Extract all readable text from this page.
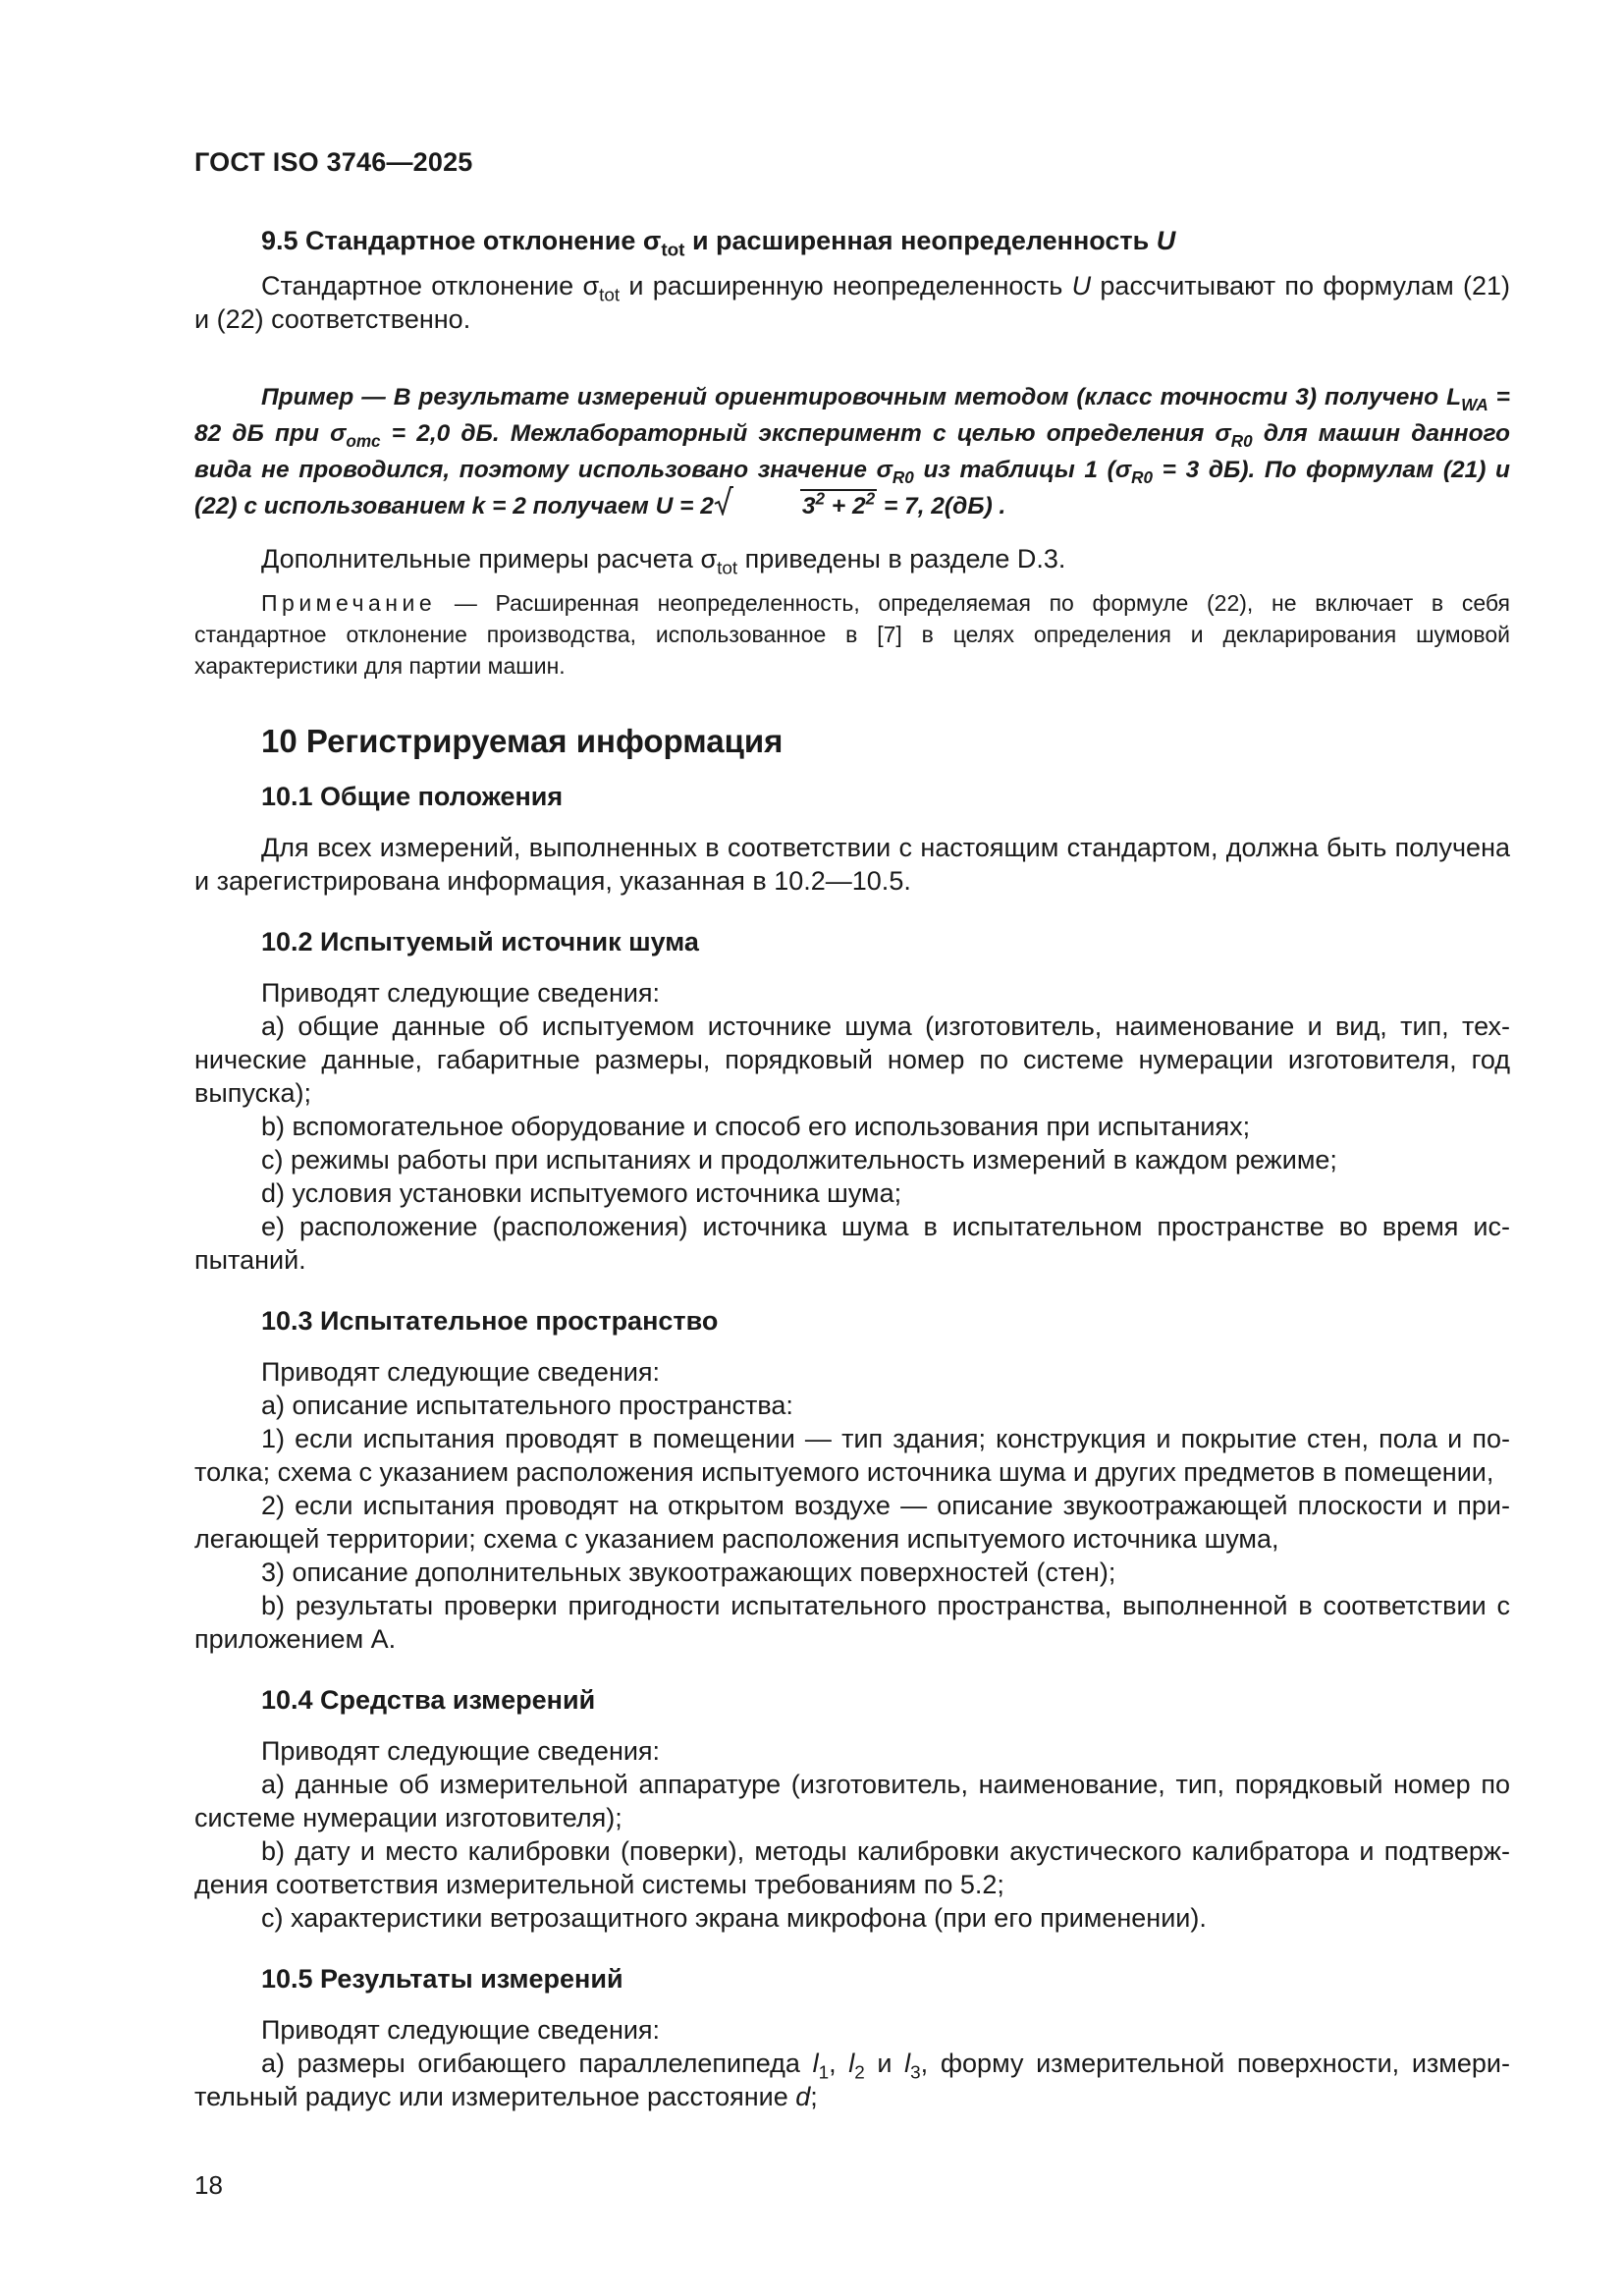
ГОСТ ISO 3746—2025

9.5 Стандартное отклонение $\sigma_{tot}$ и расширенная неопределенность U

Стандартное отклонение $\sigma_{tot}$ и расширенную неопределенность U рассчитывают по формулам (21) и (22) соответственно.

Пример — В результате измерений ориентировочным методом (класс точности 3) получено $L_{WA} = 82$ дБ при $\sigma_{omc} = 2,0$ дБ. Межлабораторный эксперимент с целью определения $\sigma_{R0}$ для машин данного вида не проводился, поэтому использовано значение $\sigma_{R0}$ из таблицы 1 ($\sigma_{R0} = 3$ дБ). По формулам (21) и (22) с использованием k = 2 получаем U = 2	$3^2 + 2^2 = 7$, 2(дБ) .

Дополнительные примеры расчета $\sigma_{tot}$ приведены в разделе D.3.

Примечание — Расширенная неопределенность, определяемая по формуле (22), не включает в себя стандартное отклонение производства, использованное в [7] в целях определения и декларирования шумовой характеристики для партии машин.

10 Регистрируемая информация

10.1 Общие положения

Для всех измерений, выполненных в соответствии с настоящим стандартом, должна быть получена и зарегистрирована информация, указанная в 10.2—10.5.

10.2 Испытуемый источник шума

Приводят следующие сведения:

a) общие данные об испытуемом источнике шума (изготовитель, наименование и вид, тип, технические данные, габаритные размеры, порядковый номер по системе нумерации изготовителя, год выпуска);

b) вспомогательное оборудование и способ его использования при испытаниях;

c) режимы работы при испытаниях и продолжительность измерений в каждом режиме;

d) условия установки испытуемого источника шума;

e) расположение (расположения) источника шума в испытательном пространстве во время испытаний.

10.3 Испытательное пространство

Приводят следующие сведения:

a) описание испытательного пространства:

1) если испытания проводят в помещении — тип здания; конструкция и покрытие стен, пола и потолка; схема с указанием расположения испытуемого источника шума и других предметов в помещении,

2) если испытания проводят на открытом воздухе — описание звукоотражающей плоскости и прилегающей территории; схема с указанием расположения испытуемого источника шума,

3) описание дополнительных звукоотражающих поверхностей (стен);

b) результаты проверки пригодности испытательного пространства, выполненной в соответствии с приложением A.

10.4 Средства измерений

Приводят следующие сведения:

a) данные об измерительной аппаратуре (изготовитель, наименование, тип, порядковый номер по системе нумерации изготовителя);

b) дату и место калибровки (поверки), методы калибровки акустического калибратора и подтверждения соответствия измерительной системы требованиям по 5.2;

c) характеристики ветрозащитного экрана микрофона (при его применении).

10.5 Результаты измерений

Приводят следующие сведения:

a) размеры огибающего параллелепипеда $l_1$, $l_2$ и $l_3$, форму измерительной поверхности, измерительный радиус или измерительное расстояние d;

18
